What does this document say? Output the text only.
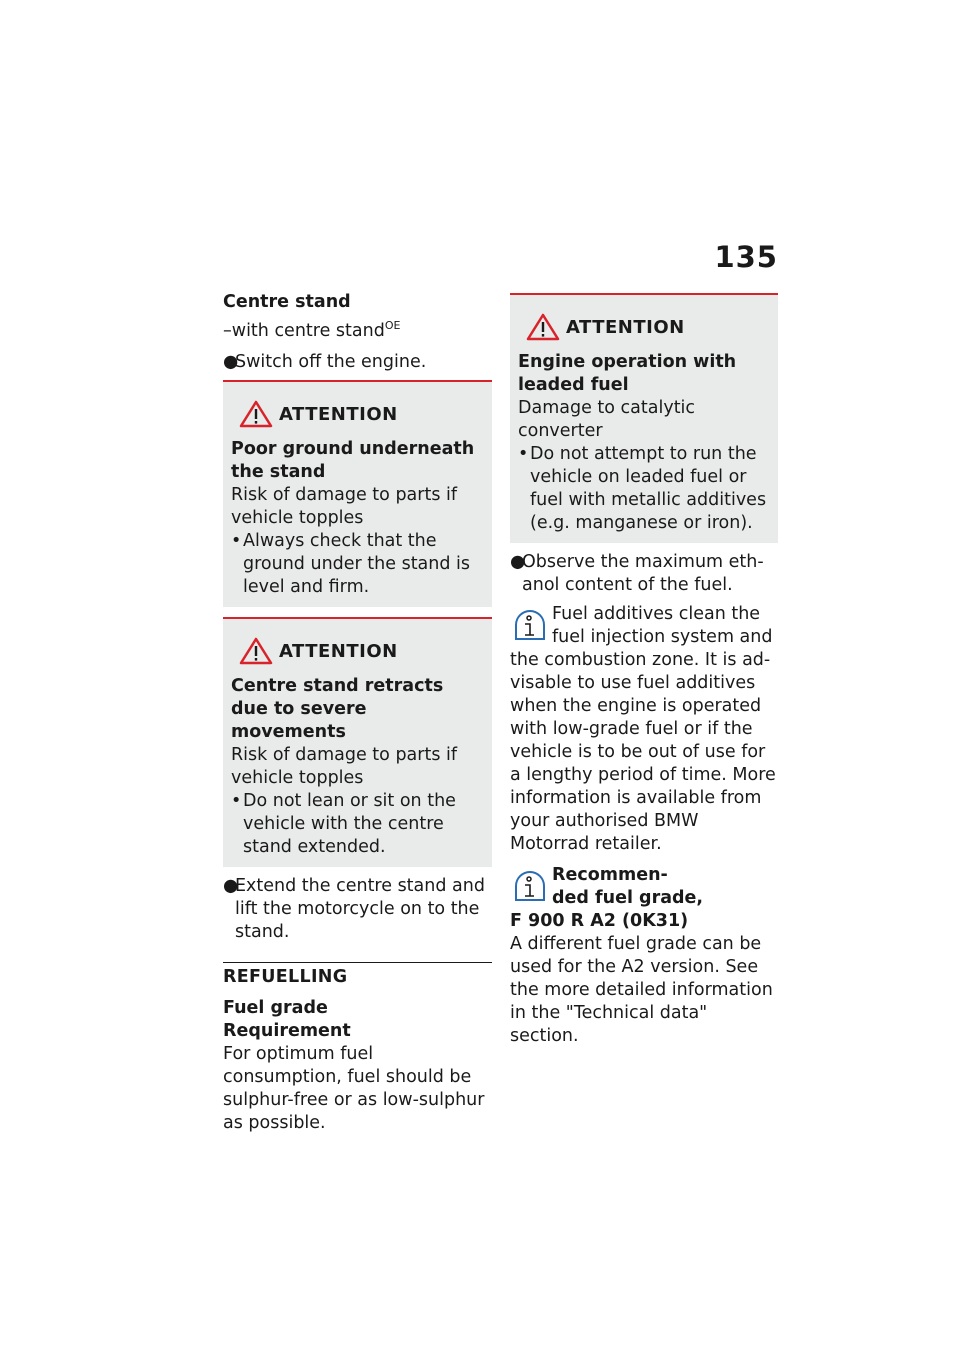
135

Centre stand

–with centre stand$^{OE}$

●
Switch off the engine.
ATTENTION

Poor ground underneath the stand

Risk of damage to parts if vehicle topples

• Always check that the ground under the stand is level and firm.
ATTENTION

Centre stand retracts due to severe movements

Risk of damage to parts if vehicle topples

• Do not lean or sit on the vehicle with the centre stand extended.
●
Extend the centre stand and lift the motorcycle on to the stand.
REFUELLING

Fuel grade

Requirement

For optimum fuel consumption, fuel should be sulphur-free or as low-sulphur as possible.

ATTENTION

Engine operation with leaded fuel

Damage to catalytic converter

• Do not attempt to run the vehicle on leaded fuel or fuel with metallic additives (e.g. manganese or iron).
●
Observe the maximum eth-anol content of the fuel.

Fuel additives clean the fuel injection system and

the combustion zone. It is ad-visable to use fuel additives when the engine is operated with low-grade fuel or if the vehicle is to be out of use for a lengthy period of time. More information is available from your authorised BMW Motorrad retailer.

Recommen-

ded fuel grade,

F 900 R A2 (0K31)

A different fuel grade can be used for the A2 version. See the more detailed information in the "Technical data" section.
